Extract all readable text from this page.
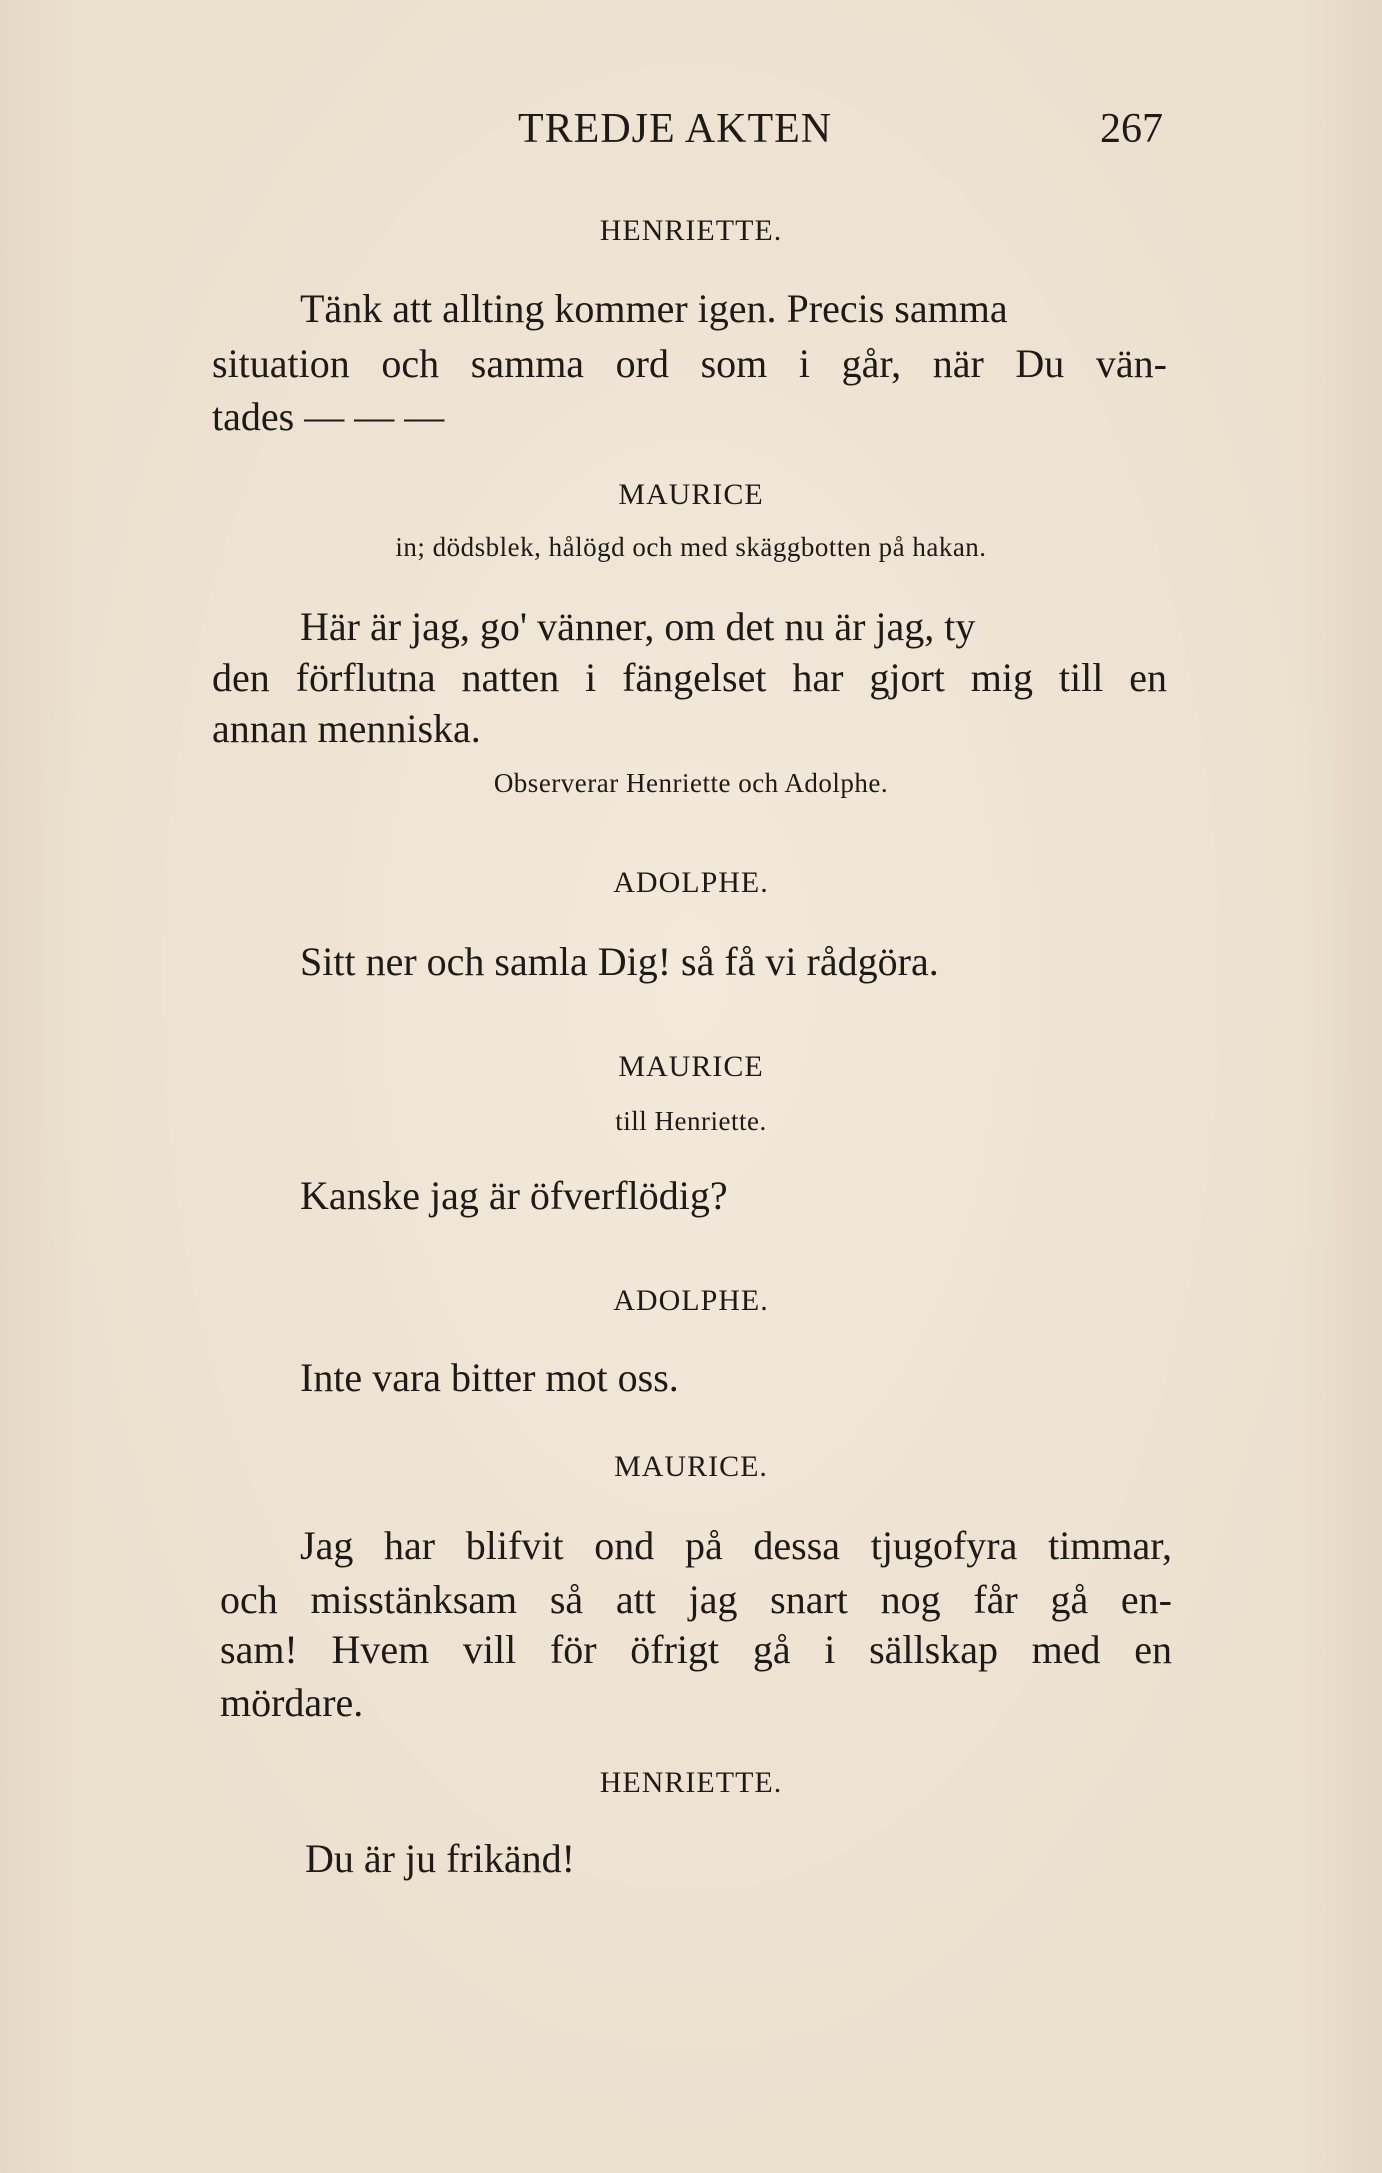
TREDJE AKTEN	267
HENRIETTE.
Tänk att allting kommer igen. Precis samma
situation och samma ord som i går, när Du vän-
tades — — —
MAURICE
in; dödsblek, hålögd och med skäggbotten på hakan.
Här är jag, go' vänner, om det nu är jag, ty
den förflutna natten i fängelset har gjort mig till en
annan menniska.
Observerar Henriette och Adolphe.
ADOLPHE.
Sitt ner och samla Dig! så få vi rådgöra.
MAURICE
till Henriette.
Kanske jag är öfverflödig?
ADOLPHE.
Inte vara bitter mot oss.
MAURICE.
Jag har blifvit ond på dessa tjugofyra timmar,
och misstänksam så att jag snart nog får gå en-
sam! Hvem vill för öfrigt gå i sällskap med en
mördare.
HENRIETTE.
Du är ju frikänd!
